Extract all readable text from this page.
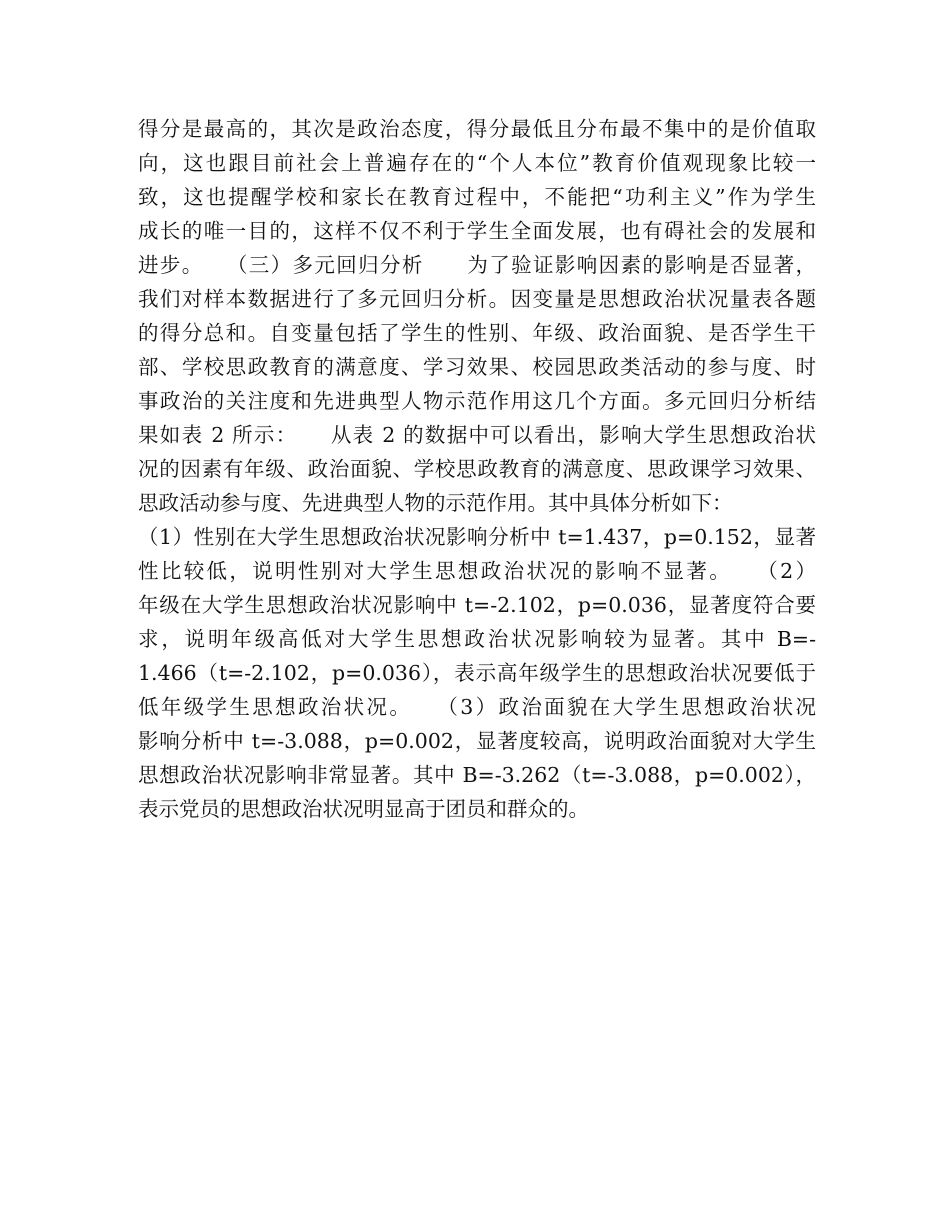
得分是最高的，其次是政治态度，得分最低且分布最不集中的是价值取
向，这也跟目前社会上普遍存在的“个人本位”教育价值观现象比较一
致，这也提醒学校和家长在教育过程中，不能把“功利主义”作为学生
成长的唯一目的，这样不仅不利于学生全面发展，也有碍社会的发展和
进步。　　（三）多元回归分析　　为了验证影响因素的影响是否显著，
我们对样本数据进行了多元回归分析。因变量是思想政治状况量表各题
的得分总和。自变量包括了学生的性别、年级、政治面貌、是否学生干
部、学校思政教育的满意度、学习效果、校园思政类活动的参与度、时
事政治的关注度和先进典型人物示范作用这几个方面。多元回归分析结
果如表 2 所示：　　从表 2 的数据中可以看出，影响大学生思想政治状
况的因素有年级、政治面貌、学校思政教育的满意度、思政课学习效果、
思政活动参与度、先进典型人物的示范作用。其中具体分析如下：
（1）性别在大学生思想政治状况影响分析中 t=1.437，p=0.152，显著
性比较低，说明性别对大学生思想政治状况的影响不显著。　　（2）
年级在大学生思想政治状况影响中 t=-2.102，p=0.036，显著度符合要
求，说明年级高低对大学生思想政治状况影响较为显著。其中 B=-
1.466（t=-2.102，p=0.036），表示高年级学生的思想政治状况要低于
低年级学生思想政治状况。　　（3）政治面貌在大学生思想政治状况
影响分析中 t=-3.088，p=0.002，显著度较高，说明政治面貌对大学生
思想政治状况影响非常显著。其中 B=-3.262（t=-3.088，p=0.002），
表示党员的思想政治状况明显高于团员和群众的。
